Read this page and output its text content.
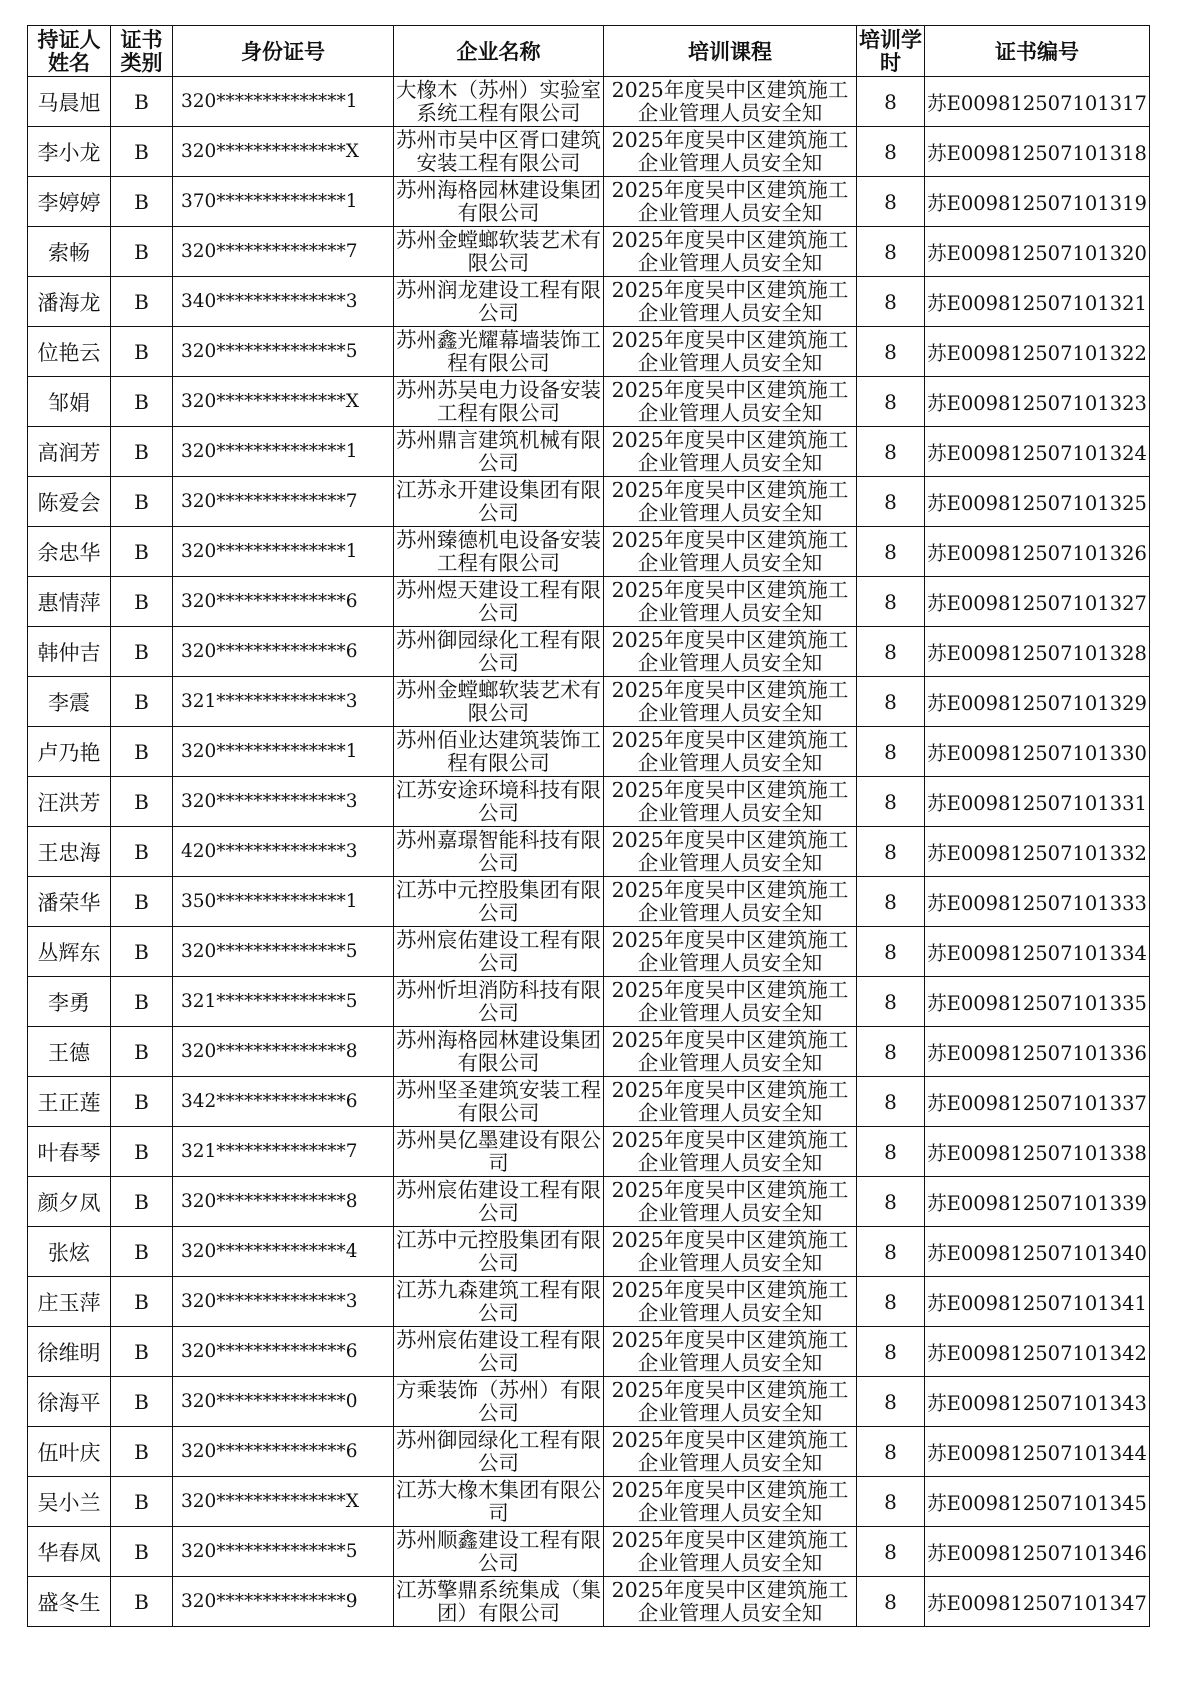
持证人姓名	证书类别	身份证号	企业名称	培训课程	培训学时	证书编号
马晨旭	B	320**************1	大橡木（苏州）实验室系统工程有限公司	2025年度吴中区建筑施工企业管理人员安全知	8	苏E009812507101317
李小龙	B	320**************X	苏州市吴中区胥口建筑安装工程有限公司	2025年度吴中区建筑施工企业管理人员安全知	8	苏E009812507101318
李婷婷	B	370**************1	苏州海格园林建设集团有限公司	2025年度吴中区建筑施工企业管理人员安全知	8	苏E009812507101319
索畅	B	320**************7	苏州金螳螂软装艺术有限公司	2025年度吴中区建筑施工企业管理人员安全知	8	苏E009812507101320
潘海龙	B	340**************3	苏州润龙建设工程有限公司	2025年度吴中区建筑施工企业管理人员安全知	8	苏E009812507101321
位艳云	B	320**************5	苏州鑫光耀幕墙装饰工程有限公司	2025年度吴中区建筑施工企业管理人员安全知	8	苏E009812507101322
邹娟	B	320**************X	苏州苏吴电力设备安装工程有限公司	2025年度吴中区建筑施工企业管理人员安全知	8	苏E009812507101323
高润芳	B	320**************1	苏州鼎言建筑机械有限公司	2025年度吴中区建筑施工企业管理人员安全知	8	苏E009812507101324
陈爱会	B	320**************7	江苏永开建设集团有限公司	2025年度吴中区建筑施工企业管理人员安全知	8	苏E009812507101325
余忠华	B	320**************1	苏州臻德机电设备安装工程有限公司	2025年度吴中区建筑施工企业管理人员安全知	8	苏E009812507101326
惠情萍	B	320**************6	苏州煜天建设工程有限公司	2025年度吴中区建筑施工企业管理人员安全知	8	苏E009812507101327
韩仲吉	B	320**************6	苏州御园绿化工程有限公司	2025年度吴中区建筑施工企业管理人员安全知	8	苏E009812507101328
李震	B	321**************3	苏州金螳螂软装艺术有限公司	2025年度吴中区建筑施工企业管理人员安全知	8	苏E009812507101329
卢乃艳	B	320**************1	苏州佰业达建筑装饰工程有限公司	2025年度吴中区建筑施工企业管理人员安全知	8	苏E009812507101330
汪洪芳	B	320**************3	江苏安途环境科技有限公司	2025年度吴中区建筑施工企业管理人员安全知	8	苏E009812507101331
王忠海	B	420**************3	苏州嘉璟智能科技有限公司	2025年度吴中区建筑施工企业管理人员安全知	8	苏E009812507101332
潘荣华	B	350**************1	江苏中元控股集团有限公司	2025年度吴中区建筑施工企业管理人员安全知	8	苏E009812507101333
丛辉东	B	320**************5	苏州宸佑建设工程有限公司	2025年度吴中区建筑施工企业管理人员安全知	8	苏E009812507101334
李勇	B	321**************5	苏州忻坦消防科技有限公司	2025年度吴中区建筑施工企业管理人员安全知	8	苏E009812507101335
王德	B	320**************8	苏州海格园林建设集团有限公司	2025年度吴中区建筑施工企业管理人员安全知	8	苏E009812507101336
王正莲	B	342**************6	苏州坚圣建筑安装工程有限公司	2025年度吴中区建筑施工企业管理人员安全知	8	苏E009812507101337
叶春琴	B	321**************7	苏州昊亿墨建设有限公司	2025年度吴中区建筑施工企业管理人员安全知	8	苏E009812507101338
颜夕凤	B	320**************8	苏州宸佑建设工程有限公司	2025年度吴中区建筑施工企业管理人员安全知	8	苏E009812507101339
张炫	B	320**************4	江苏中元控股集团有限公司	2025年度吴中区建筑施工企业管理人员安全知	8	苏E009812507101340
庄玉萍	B	320**************3	江苏九森建筑工程有限公司	2025年度吴中区建筑施工企业管理人员安全知	8	苏E009812507101341
徐维明	B	320**************6	苏州宸佑建设工程有限公司	2025年度吴中区建筑施工企业管理人员安全知	8	苏E009812507101342
徐海平	B	320**************0	方乘装饰（苏州）有限公司	2025年度吴中区建筑施工企业管理人员安全知	8	苏E009812507101343
伍叶庆	B	320**************6	苏州御园绿化工程有限公司	2025年度吴中区建筑施工企业管理人员安全知	8	苏E009812507101344
吴小兰	B	320**************X	江苏大橡木集团有限公司	2025年度吴中区建筑施工企业管理人员安全知	8	苏E009812507101345
华春凤	B	320**************5	苏州顺鑫建设工程有限公司	2025年度吴中区建筑施工企业管理人员安全知	8	苏E009812507101346
盛冬生	B	320**************9	江苏擎鼎系统集成（集团）有限公司	2025年度吴中区建筑施工企业管理人员安全知	8	苏E009812507101347
